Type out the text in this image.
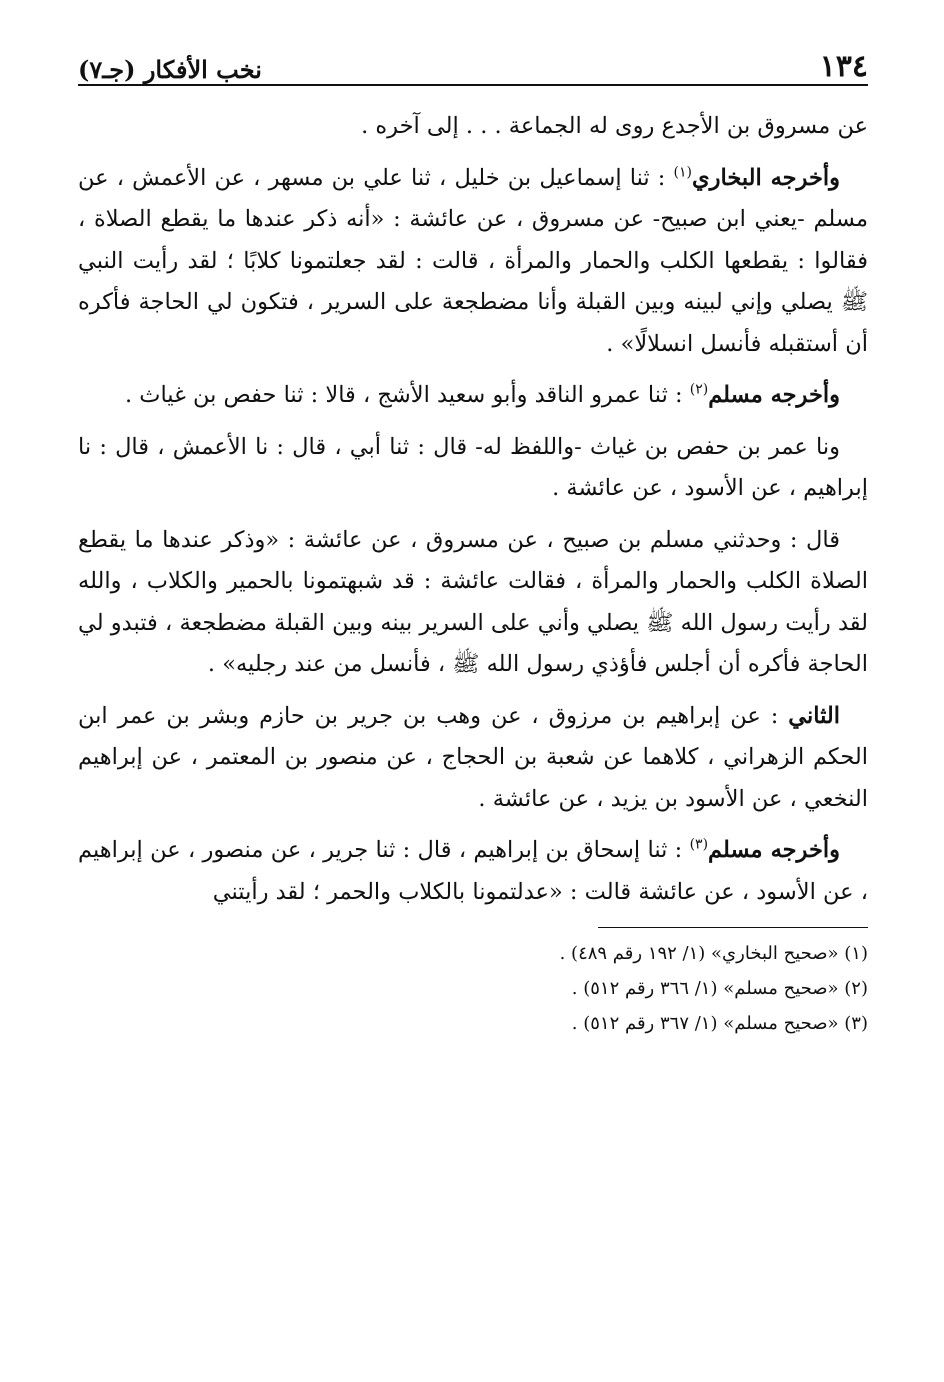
١٣٤
نخب الأفكار (جـ٧)

عن مسروق بن الأجدع روى له الجماعة . . . إلى آخره .

وأخرجه البخاري$^{(١)}$ : ثنا إسماعيل بن خليل ، ثنا علي بن مسهر ، عن الأعمش ، عن مسلم -يعني ابن صبيح- عن مسروق ، عن عائشة : «أنه ذكر عندها ما يقطع الصلاة ، فقالوا : يقطعها الكلب والحمار والمرأة ، قالت : لقد جعلتمونا كلابًا ؛ لقد رأيت النبي ﷺ يصلي وإني لبينه وبين القبلة وأنا مضطجعة على السرير ، فتكون لي الحاجة فأكره أن أستقبله فأنسل انسلالًا» .

وأخرجه مسلم$^{(٢)}$ : ثنا عمرو الناقد وأبو سعيد الأشج ، قالا : ثنا حفص بن غياث .

ونا عمر بن حفص بن غياث -واللفظ له- قال : ثنا أبي ، قال : نا الأعمش ، قال : نا إبراهيم ، عن الأسود ، عن عائشة .

قال : وحدثني مسلم بن صبيح ، عن مسروق ، عن عائشة : «وذكر عندها ما يقطع الصلاة الكلب والحمار والمرأة ، فقالت عائشة : قد شبهتمونا بالحمير والكلاب ، والله لقد رأيت رسول الله ﷺ يصلي وأني على السرير بينه وبين القبلة مضطجعة ، فتبدو لي الحاجة فأكره أن أجلس فأؤذي رسول الله ﷺ ، فأنسل من عند رجليه» .

الثاني : عن إبراهيم بن مرزوق ، عن وهب بن جرير بن حازم وبشر بن عمر ابن الحكم الزهراني ، كلاهما عن شعبة بن الحجاج ، عن منصور بن المعتمر ، عن إبراهيم النخعي ، عن الأسود بن يزيد ، عن عائشة .

وأخرجه مسلم$^{(٣)}$ : ثنا إسحاق بن إبراهيم ، قال : ثنا جرير ، عن منصور ، عن إبراهيم ، عن الأسود ، عن عائشة قالت : «عدلتمونا بالكلاب والحمر ؛ لقد رأيتني

(١) «صحيح البخاري» (١/ ١٩٢ رقم ٤٨٩) .
(٢) «صحيح مسلم» (١/ ٣٦٦ رقم ٥١٢) .
(٣) «صحيح مسلم» (١/ ٣٦٧ رقم ٥١٢) .
